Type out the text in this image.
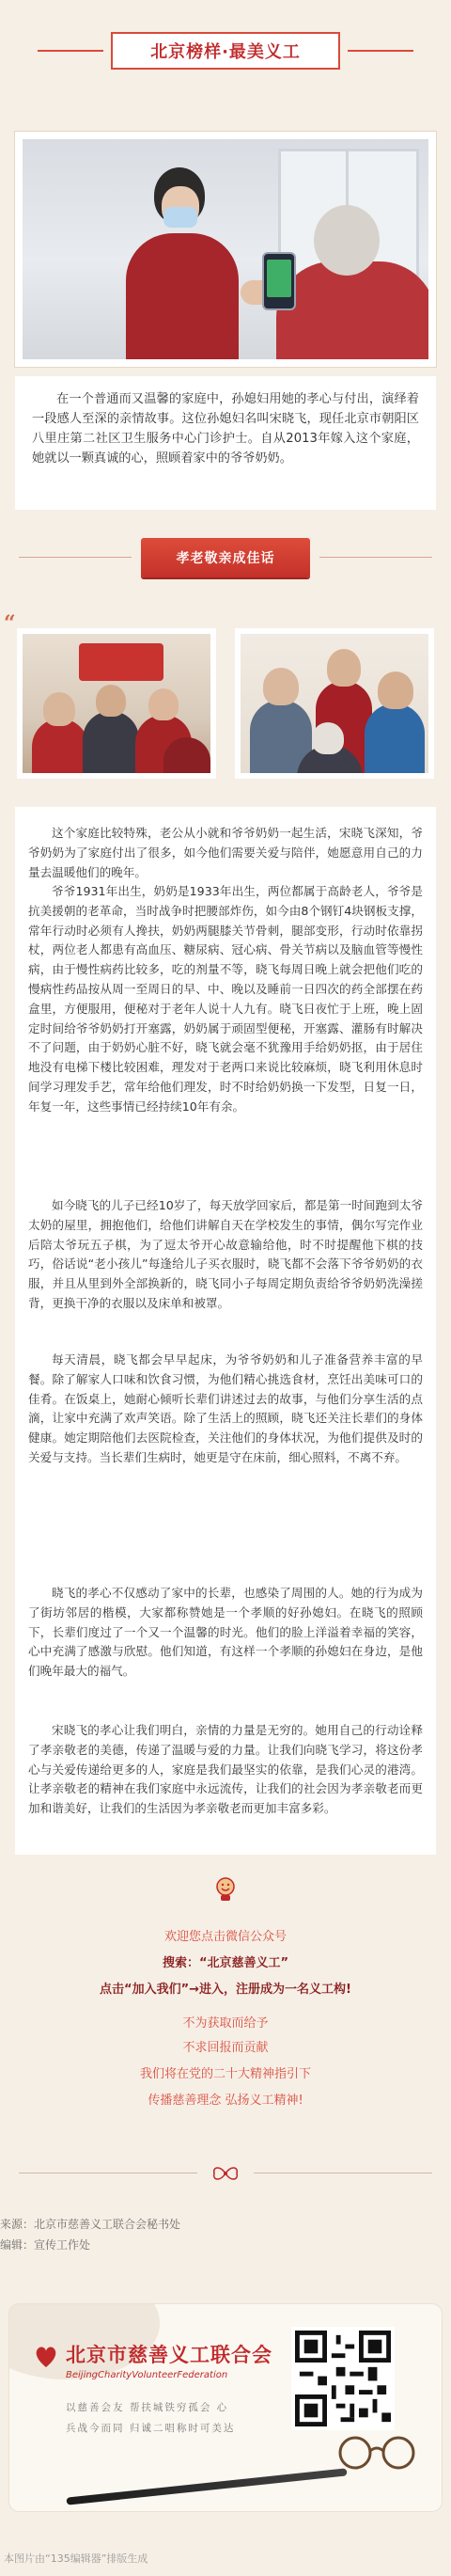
北京榜样·最美义工

在一个普通而又温馨的家庭中，孙媳妇用她的孝心与付出，演绎着一段感人至深的亲情故事。这位孙媳妇名叫宋晓飞，现任北京市朝阳区八里庄第二社区卫生服务中心门诊护士。自从2013年嫁入这个家庭，她就以一颗真诚的心，照顾着家中的爷爷奶奶。

孝老敬亲成佳话
“

这个家庭比较特殊，老公从小就和爷爷奶奶一起生活，宋晓飞深知，爷爷奶奶为了家庭付出了很多，如今他们需要关爱与陪伴，她愿意用自己的力量去温暖他们的晚年。

爷爷1931年出生，奶奶是1933年出生，两位都属于高龄老人，爷爷是抗美援朝的老革命，当时战争时把腰部炸伤，如今由8个钢钉4块钢板支撑，常年行动时必须有人搀扶，奶奶两腿膝关节骨刺，腿部变形，行动时依靠拐杖，两位老人都患有高血压、糖尿病、冠心病、骨关节病以及脑血管等慢性病，由于慢性病药比较多，吃的剂量不等，晓飞每周日晚上就会把他们吃的慢病性药品按从周一至周日的早、中、晚以及睡前一日四次的药全部摆在药盒里，方便服用，便秘对于老年人说十人九有。晓飞日夜忙于上班，晚上固定时间给爷爷奶奶打开塞露，奶奶属于顽固型便秘，开塞露、灌肠有时解决不了问题，由于奶奶心脏不好，晓飞就会毫不犹豫用手给奶奶抠，由于居住地没有电梯下楼比较困难，理发对于老两口来说比较麻烦，晓飞利用休息时间学习理发手艺，常年给他们理发，时不时给奶奶换一下发型，日复一日，年复一年，这些事情已经持续10年有余。

如今晓飞的儿子已经10岁了，每天放学回家后，都是第一时间跑到太爷太奶的屋里，拥抱他们，给他们讲解自天在学校发生的事情，偶尔写完作业后陪太爷玩五子棋，为了逗太爷开心故意输给他，时不时提醒他下棋的技巧，俗话说“老小孩儿”每逢给儿子买衣服时，晓飞都不会落下爷爷奶奶的衣服，并且从里到外全部换新的，晓飞同小子每周定期负责给爷爷奶奶洗澡搓背，更换干净的衣服以及床单和被罩。

每天清晨，晓飞都会早早起床，为爷爷奶奶和儿子准备营养丰富的早餐。除了解家人口味和饮食习惯，为他们精心挑选食材，烹饪出美味可口的佳肴。在饭桌上，她耐心倾听长辈们讲述过去的故事，与他们分享生活的点滴，让家中充满了欢声笑语。除了生活上的照顾，晓飞还关注长辈们的身体健康。她定期陪他们去医院检查，关注他们的身体状况，为他们提供及时的关爱与支持。当长辈们生病时，她更是守在床前，细心照料，不离不弃。

晓飞的孝心不仅感动了家中的长辈，也感染了周围的人。她的行为成为了街坊邻居的楷模，大家都称赞她是一个孝顺的好孙媳妇。在晓飞的照顾下，长辈们度过了一个又一个温馨的时光。他们的脸上洋溢着幸福的笑容，心中充满了感激与欣慰。他们知道，有这样一个孝顺的孙媳妇在身边，是他们晚年最大的福气。

宋晓飞的孝心让我们明白，亲情的力量是无穷的。她用自己的行动诠释了孝亲敬老的美德，传递了温暖与爱的力量。让我们向晓飞学习，将这份孝心与关爱传递给更多的人，家庭是我们最坚实的依靠，是我们心灵的港湾。让孝亲敬老的精神在我们家庭中永远流传，让我们的社会因为孝亲敬老而更加和谐美好，让我们的生活因为孝亲敬老而更加丰富多彩。

欢迎您点击微信公众号
搜索：“北京慈善义工”
点击“加入我们”→进入，注册成为一名义工构!
不为获取而给予
不求回报而贡献
我们将在党的二十大精神指引下
传播慈善理念 弘扬义工精神!
来源：北京市慈善义工联合会秘书处
编辑：宣传工作处
北京市慈善义工联合会
BeijingCharityVolunteerFederation
以慈善会友 帮扶城铁穷孤会 心
兵战今而同 归诚二唱称时可美达
本图片由“135编辑器”排版生成
